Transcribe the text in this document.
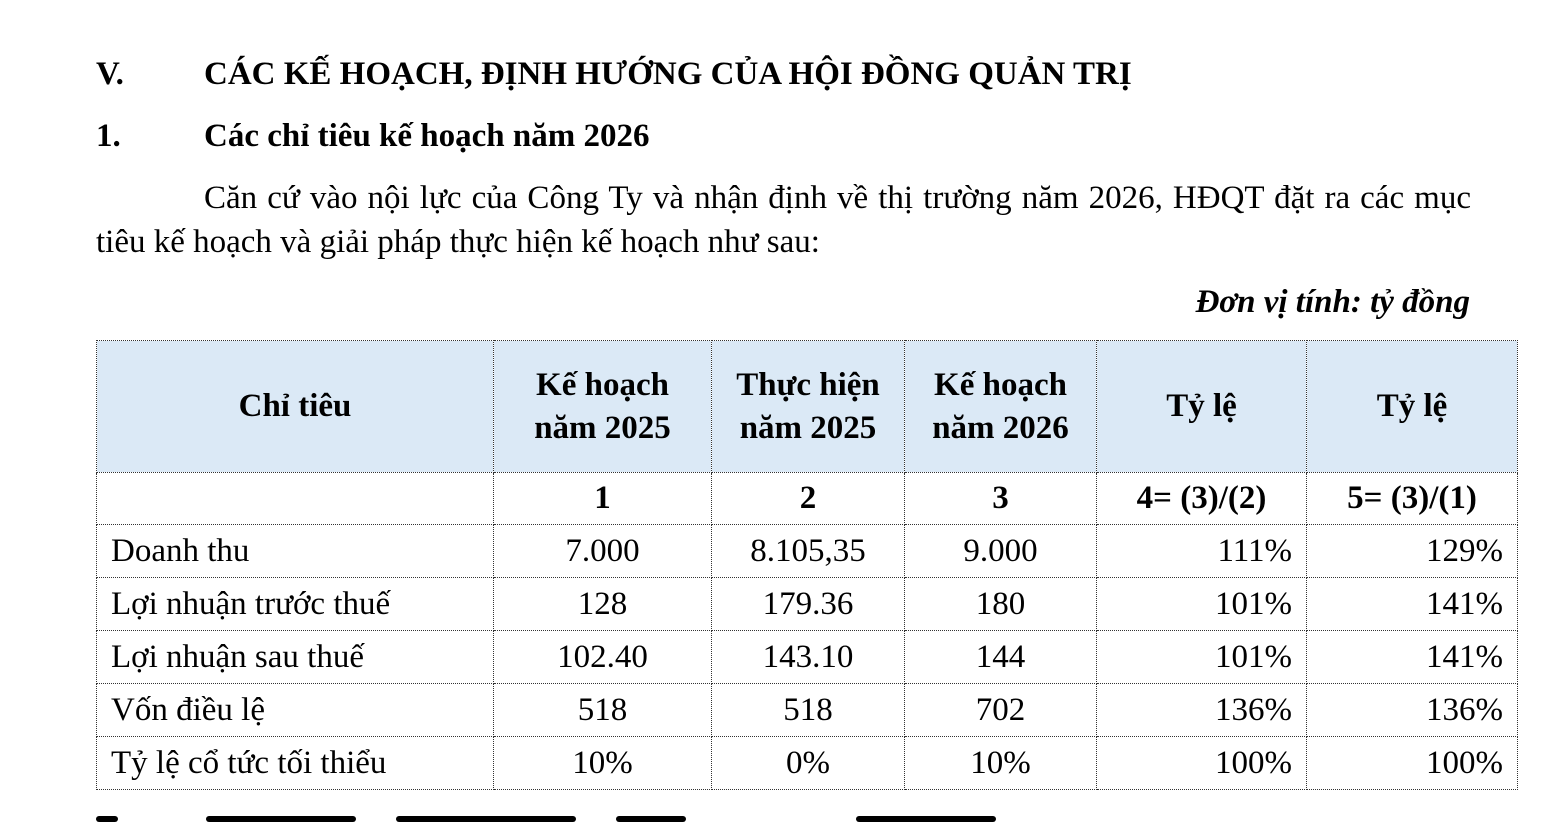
V. CÁC KẾ HOẠCH, ĐỊNH HƯỚNG CỦA HỘI ĐỒNG QUẢN TRỊ
1.	Các chỉ tiêu kế hoạch năm 2026
Căn cứ vào nội lực của Công Ty và nhận định về thị trường năm 2026, HĐQT đặt ra các mục tiêu kế hoạch và giải pháp thực hiện kế hoạch như sau:
Đơn vị tính: tỷ đồng
Chỉ tiêu	Kế hoạch năm 2025	Thực hiện năm 2025	Kế hoạch năm 2026	Tỷ lệ	Tỷ lệ
	1	2	3	4= (3)/(2)	5= (3)/(1)
Doanh thu	7.000	8.105,35	9.000	111%	129%
Lợi nhuận trước thuế	128	179.36	180	101%	141%
Lợi nhuận sau thuế	102.40	143.10	144	101%	141%
Vốn điều lệ	518	518	702	136%	136%
Tỷ lệ cổ tức tối thiểu	10%	0%	10%	100%	100%
